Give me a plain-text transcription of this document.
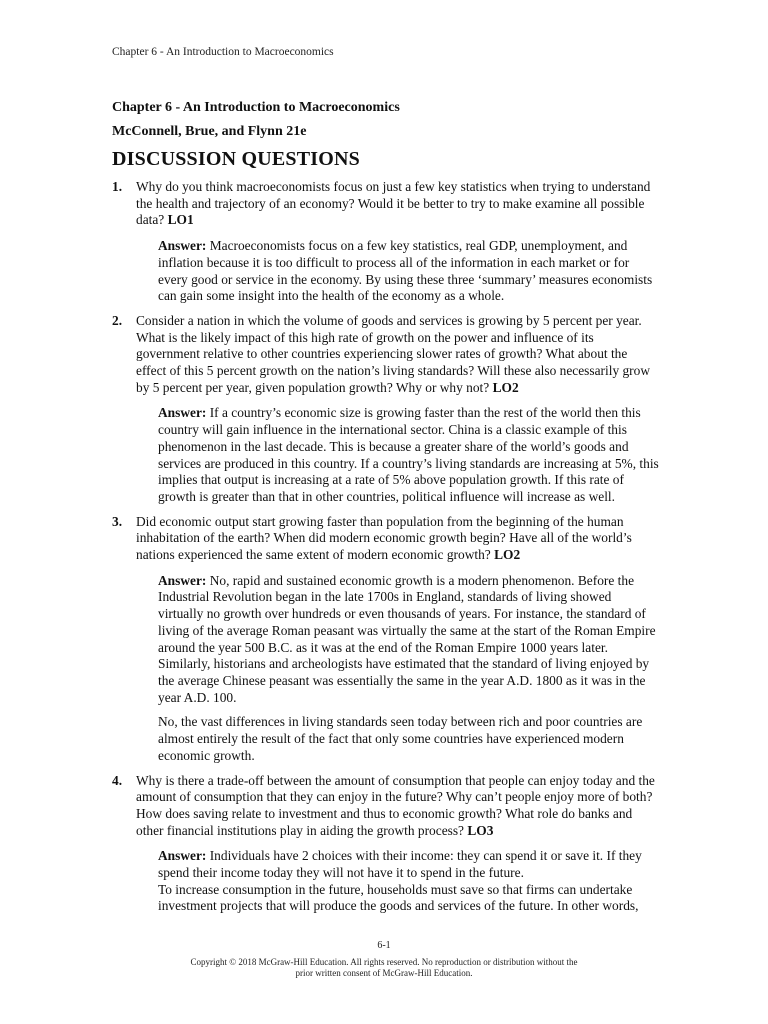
Chapter 6 - An Introduction to Macroeconomics
Chapter 6 - An Introduction to Macroeconomics
McConnell, Brue, and Flynn 21e
DISCUSSION QUESTIONS
1. Why do you think macroeconomists focus on just a few key statistics when trying to understand the health and trajectory of an economy? Would it be better to try to make examine all possible data? LO1

Answer: Macroeconomists focus on a few key statistics, real GDP, unemployment, and inflation because it is too difficult to process all of the information in each market or for every good or service in the economy. By using these three ‘summary’ measures economists can gain some insight into the health of the economy as a whole.

2. Consider a nation in which the volume of goods and services is growing by 5 percent per year. What is the likely impact of this high rate of growth on the power and influence of its government relative to other countries experiencing slower rates of growth? What about the effect of this 5 percent growth on the nation’s living standards? Will these also necessarily grow by 5 percent per year, given population growth? Why or why not? LO2

Answer: If a country’s economic size is growing faster than the rest of the world then this country will gain influence in the international sector. China is a classic example of this phenomenon in the last decade. This is because a greater share of the world’s goods and services are produced in this country. If a country’s living standards are increasing at 5%, this implies that output is increasing at a rate of 5% above population growth. If this rate of growth is greater than that in other countries, political influence will increase as well.

3. Did economic output start growing faster than population from the beginning of the human inhabitation of the earth? When did modern economic growth begin? Have all of the world’s nations experienced the same extent of modern economic growth? LO2

Answer: No, rapid and sustained economic growth is a modern phenomenon. Before the Industrial Revolution began in the late 1700s in England, standards of living showed virtually no growth over hundreds or even thousands of years. For instance, the standard of living of the average Roman peasant was virtually the same at the start of the Roman Empire around the year 500 B.C. as it was at the end of the Roman Empire 1000 years later. Similarly, historians and archeologists have estimated that the standard of living enjoyed by the average Chinese peasant was essentially the same in the year A.D. 1800 as it was in the year A.D. 100.

No, the vast differences in living standards seen today between rich and poor countries are almost entirely the result of the fact that only some countries have experienced modern economic growth.

4. Why is there a trade-off between the amount of consumption that people can enjoy today and the amount of consumption that they can enjoy in the future? Why can’t people enjoy more of both? How does saving relate to investment and thus to economic growth? What role do banks and other financial institutions play in aiding the growth process? LO3

Answer: Individuals have 2 choices with their income: they can spend it or save it. If they spend their income today they will not have it to spend in the future.

To increase consumption in the future, households must save so that firms can undertake investment projects that will produce the goods and services of the future. In other words,

6-1
Copyright © 2018 McGraw-Hill Education. All rights reserved. No reproduction or distribution without the prior written consent of McGraw-Hill Education.
